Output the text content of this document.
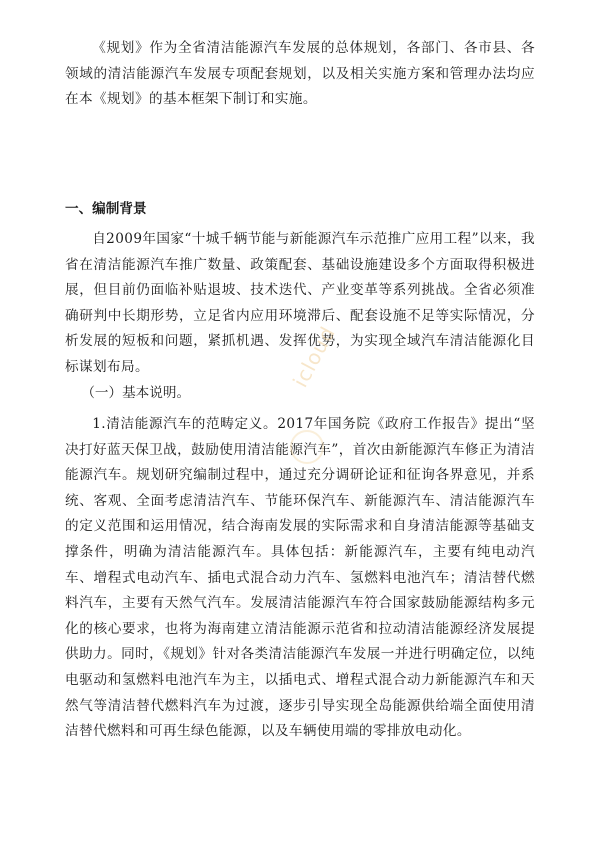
《规划》作为全省清洁能源汽车发展的总体规划，各部门、各市县、各领域的清洁能源汽车发展专项配套规划，以及相关实施方案和管理办法均应在本《规划》的基本框架下制订和实施。

一、编制背景

自2009年国家“十城千辆节能与新能源汽车示范推广应用工程”以来，我省在清洁能源汽车推广数量、政策配套、基础设施建设多个方面取得积极进展，但目前仍面临补贴退坡、技术迭代、产业变革等系列挑战。全省必须准确研判中长期形势，立足省内应用环境滞后、配套设施不足等实际情况，分析发展的短板和问题，紧抓机遇、发挥优势，为实现全域汽车清洁能源化目标谋划布局。

（一）基本说明。

1.清洁能源汽车的范畴定义。2017年国务院《政府工作报告》提出“坚决打好蓝天保卫战，鼓励使用清洁能源汽车”，首次由新能源汽车修正为清洁能源汽车。规划研究编制过程中，通过充分调研论证和征询各界意见，并系统、客观、全面考虑清洁汽车、节能环保汽车、新能源汽车、清洁能源汽车的定义范围和运用情况，结合海南发展的实际需求和自身清洁能源等基础支撑条件，明确为清洁能源汽车。具体包括：新能源汽车，主要有纯电动汽车、增程式电动汽车、插电式混合动力汽车、氢燃料电池汽车；清洁替代燃料汽车，主要有天然气汽车。发展清洁能源汽车符合国家鼓励能源结构多元化的核心要求，也将为海南建立清洁能源示范省和拉动清洁能源经济发展提供助力。同时，《规划》针对各类清洁能源汽车发展一并进行明确定位，以纯电驱动和氢燃料电池汽车为主，以插电式、增程式混合动力新能源汽车和天然气等清洁替代燃料汽车为过渡，逐步引导实现全岛能源供给端全面使用清洁替代燃料和可再生绿色能源，以及车辆使用端的零排放电动化。

icloud
